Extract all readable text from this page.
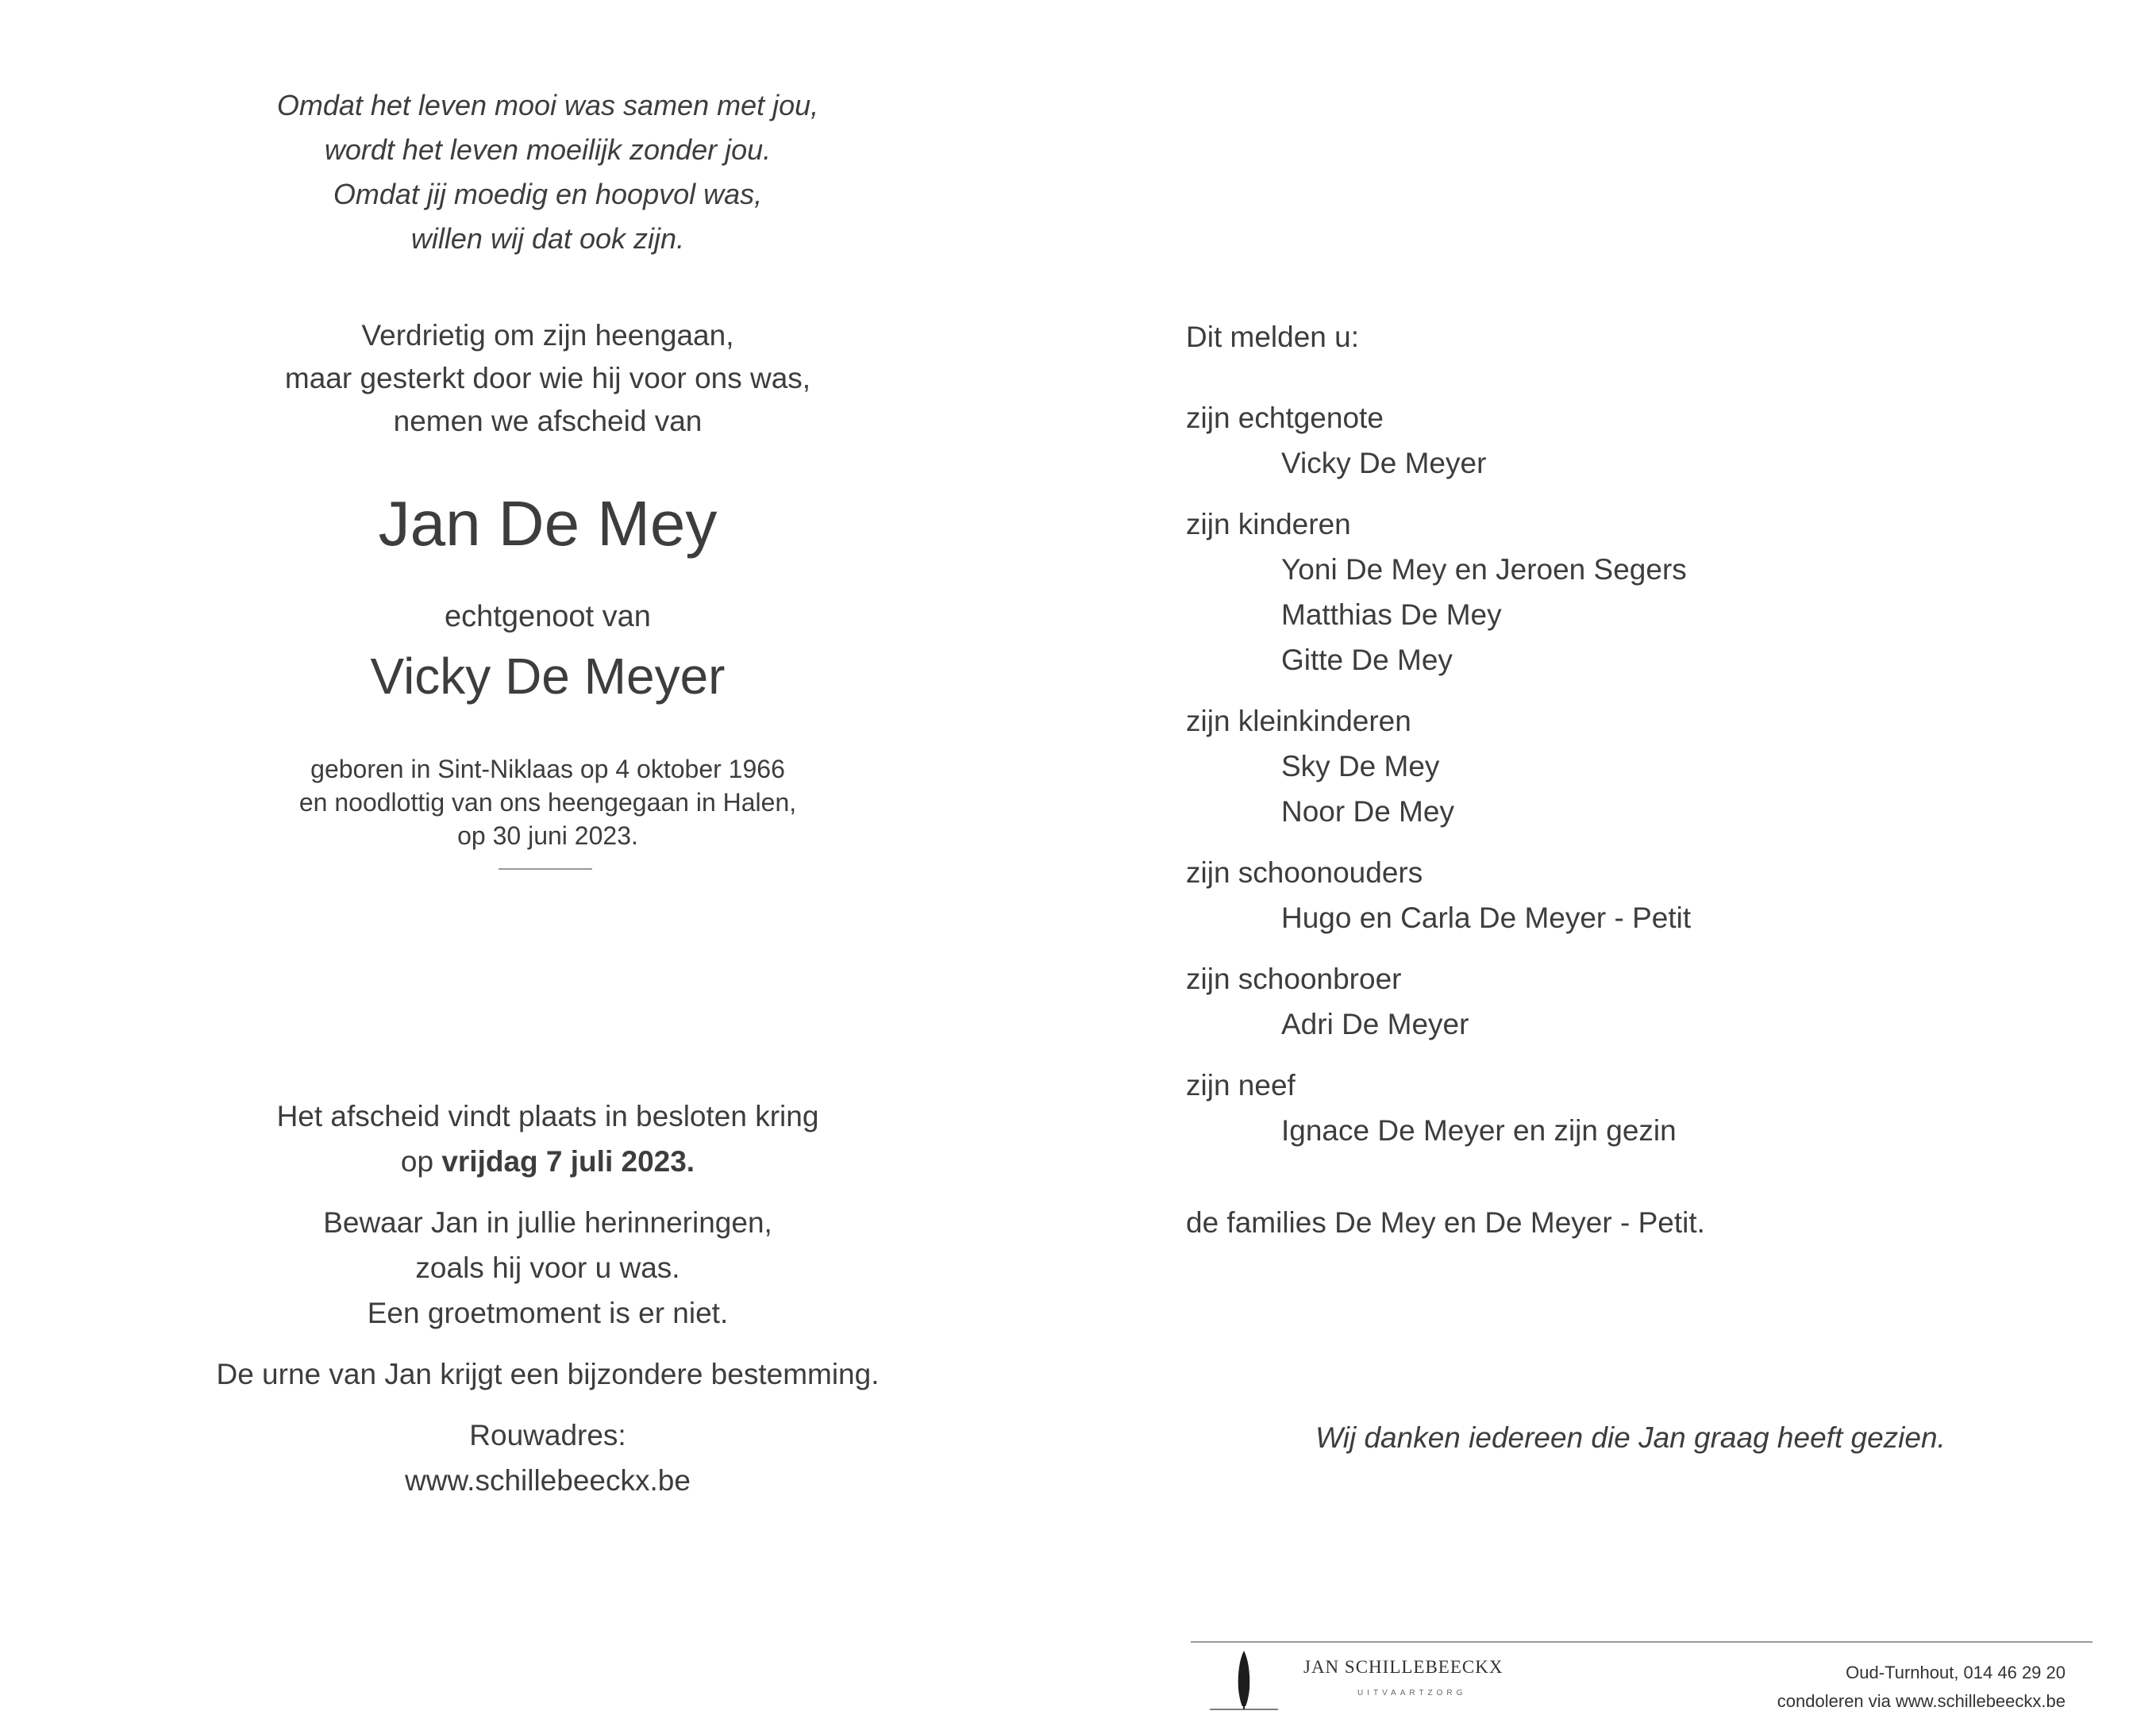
Omdat het leven mooi was samen met jou,
wordt het leven moeilijk zonder jou.
Omdat jij moedig en hoopvol was,
willen wij dat ook zijn.
Verdrietig om zijn heengaan,
maar gesterkt door wie hij voor ons was,
nemen we afscheid van
Jan De Mey
echtgenoot van
Vicky De Meyer
geboren in Sint-Niklaas op 4 oktober 1966
en noodlottig van ons heengegaan in Halen,
op 30 juni 2023.
Het afscheid vindt plaats in besloten kring
op vrijdag 7 juli 2023.
Bewaar Jan in jullie herinneringen,
zoals hij voor u was.
Een groetmoment is er niet.
De urne van Jan krijgt een bijzondere bestemming.
Rouwadres:
www.schillebeeckx.be
Dit melden u:
zijn echtgenote
Vicky De Meyer
zijn kinderen
Yoni De Mey en Jeroen Segers
Matthias De Mey
Gitte De Mey
zijn kleinkinderen
Sky De Mey
Noor De Mey
zijn schoonouders
Hugo en Carla De Meyer - Petit
zijn schoonbroer
Adri De Meyer
zijn neef
Ignace De Meyer en zijn gezin
de families De Mey en De Meyer - Petit.
Wij danken iedereen die Jan graag heeft gezien.
JAN SCHILLEBEECKX
UITVAARTZORG
Oud-Turnhout, 014 46 29 20
condoleren via www.schillebeeckx.be
